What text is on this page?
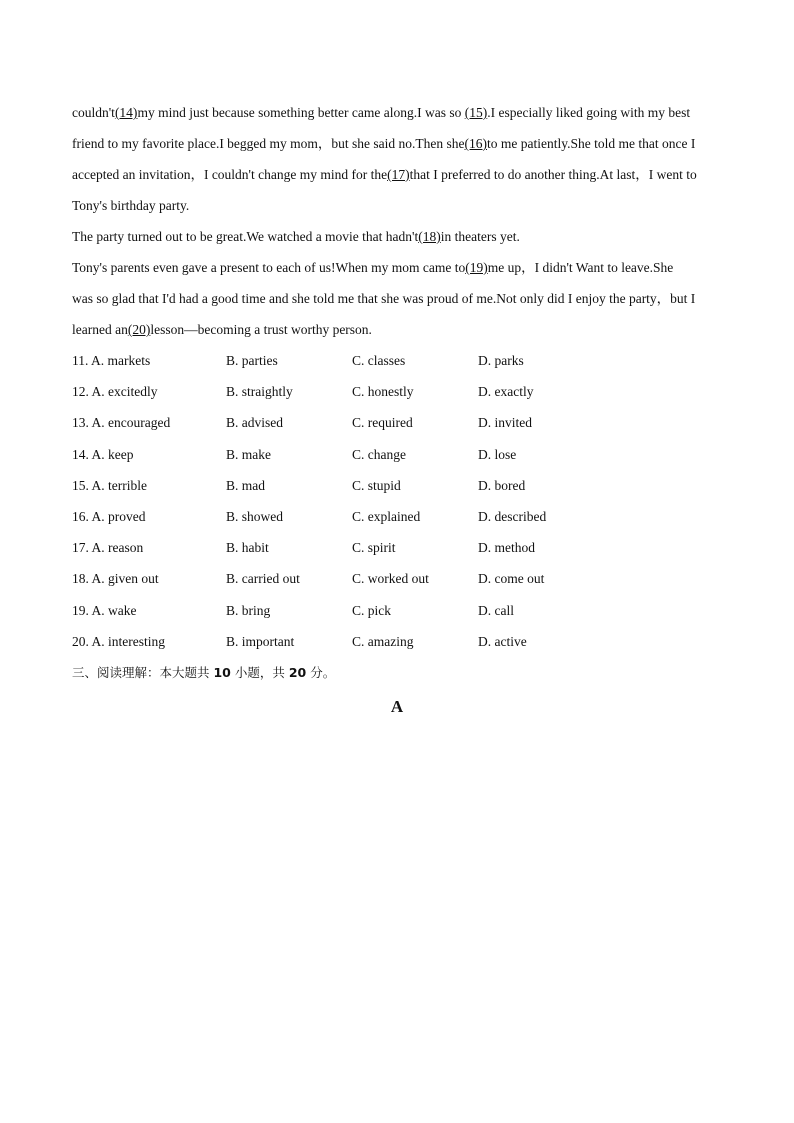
couldn't(14)my mind just because something better came along.I was so (15).I especially liked going with my best
friend to my favorite place.I begged my mom，but she said no.Then she(16)to me patiently.She told me that once I
accepted an invitation，I couldn't change my mind for the(17)that I preferred to do another thing.At last，I went to
Tony's birthday party.
The party turned out to be great.We watched a movie that hadn't(18)in theaters yet.
Tony's parents even gave a present to each of us!When my mom came to(19)me up，I didn't Want to leave.She
was so glad that I'd had a good time and she told me that she was proud of me.Not only did I enjoy the party，but I
learned an(20)lesson—becoming a trust worthy person.
11. A. markets	B. parties	C. classes	D. parks
12. A. excitedly	B. straightly	C. honestly	D. exactly
13. A. encouraged	B. advised	C. required	D. invited
14. A. keep	B. make	C. change	D. lose
15. A. terrible	B. mad	C. stupid	D. bored
16. A. proved	B. showed	C. explained	D. described
17. A. reason	B. habit	C. spirit	D. method
18. A. given out	B. carried out	C. worked out	D. come out
19. A. wake	B. bring	C. pick	D. call
20. A. interesting	B. important	C. amazing	D. active
三、阅读理解：本大题共 10 小题，共 20 分。
A
